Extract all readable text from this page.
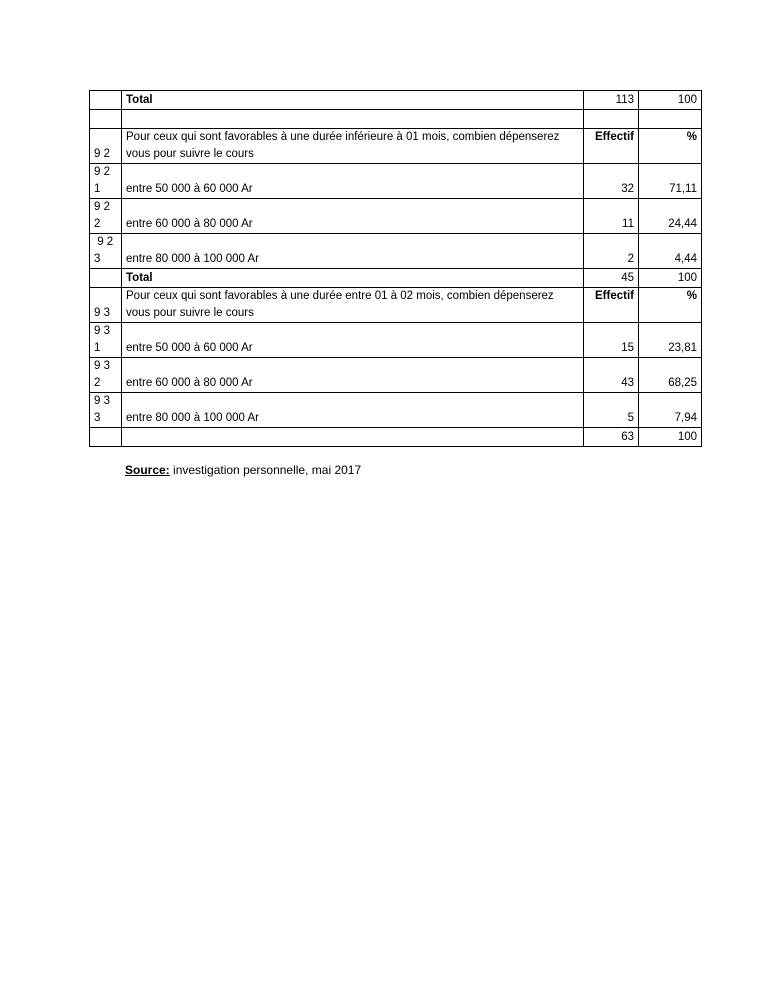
	Total	113	100

9 2	Pour ceux qui sont favorables à une durée inférieure à 01 mois, combien dépenserez vous pour suivre le cours	Effectif	%

9 2
1	entre 50 000 à 60 000 Ar	32	71,11

9 2
2	entre 60 000 à 80 000 Ar	11	24,44

9 2
3	entre 80 000 à 100 000 Ar	2	4,44
	Total	45	100

9 3	Pour ceux qui sont favorables à une durée entre 01 à 02 mois, combien dépenserez vous pour suivre le cours	Effectif	%

9 3
1	entre 50 000 à 60 000 Ar	15	23,81

9 3
2	entre 60 000 à 80 000 Ar	43	68,25

9 3
3	entre 80 000 à 100 000 Ar	5	7,94
		63	100
Source: investigation personnelle, mai 2017
